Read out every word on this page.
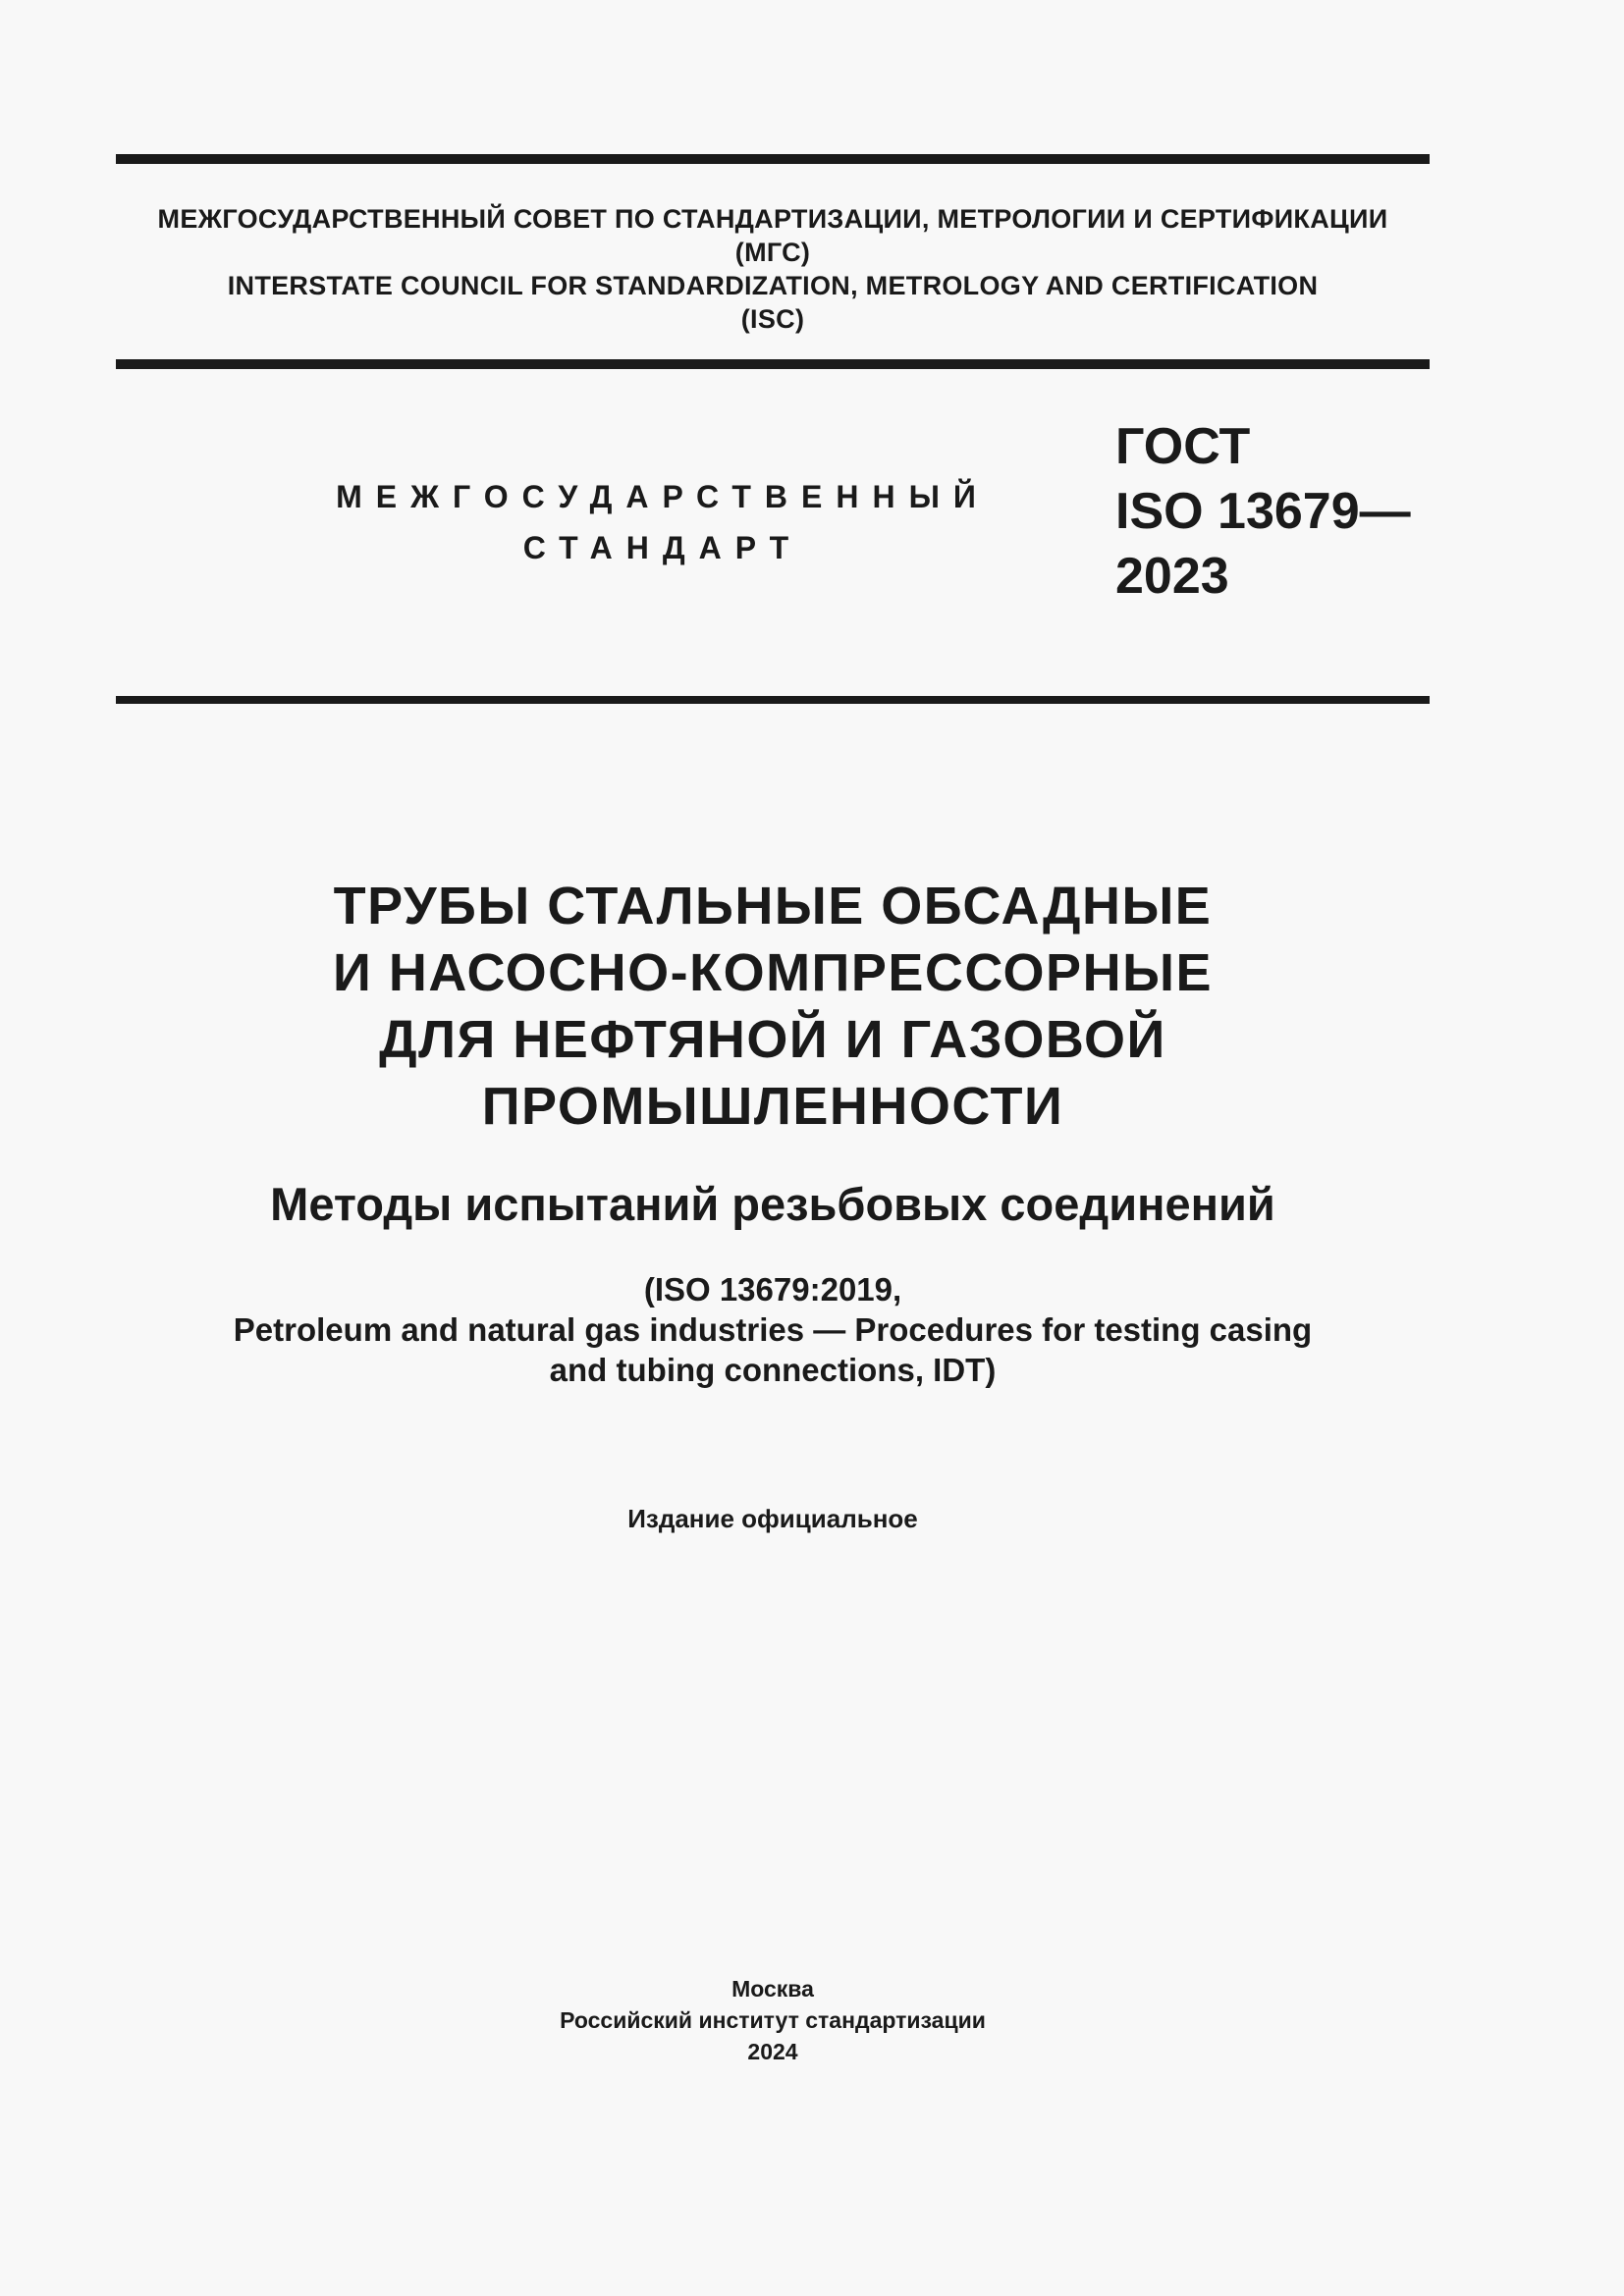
МЕЖГОСУДАРСТВЕННЫЙ СОВЕТ ПО СТАНДАРТИЗАЦИИ, МЕТРОЛОГИИ И СЕРТИФИКАЦИИ
(МГС)
INTERSTATE COUNCIL FOR STANDARDIZATION, METROLOGY AND CERTIFICATION
(ISC)
МЕЖГОСУДАРСТВЕННЫЙ
СТАНДАРТ
ГОСТ
ISO 13679—
2023
ТРУБЫ СТАЛЬНЫЕ ОБСАДНЫЕ
И НАСОСНО-КОМПРЕССОРНЫЕ
ДЛЯ НЕФТЯНОЙ И ГАЗОВОЙ
ПРОМЫШЛЕННОСТИ
Методы испытаний резьбовых соединений
(ISO 13679:2019,
Petroleum and natural gas industries — Procedures for testing casing
and tubing connections, IDT)
Издание официальное
Москва
Российский институт стандартизации
2024
